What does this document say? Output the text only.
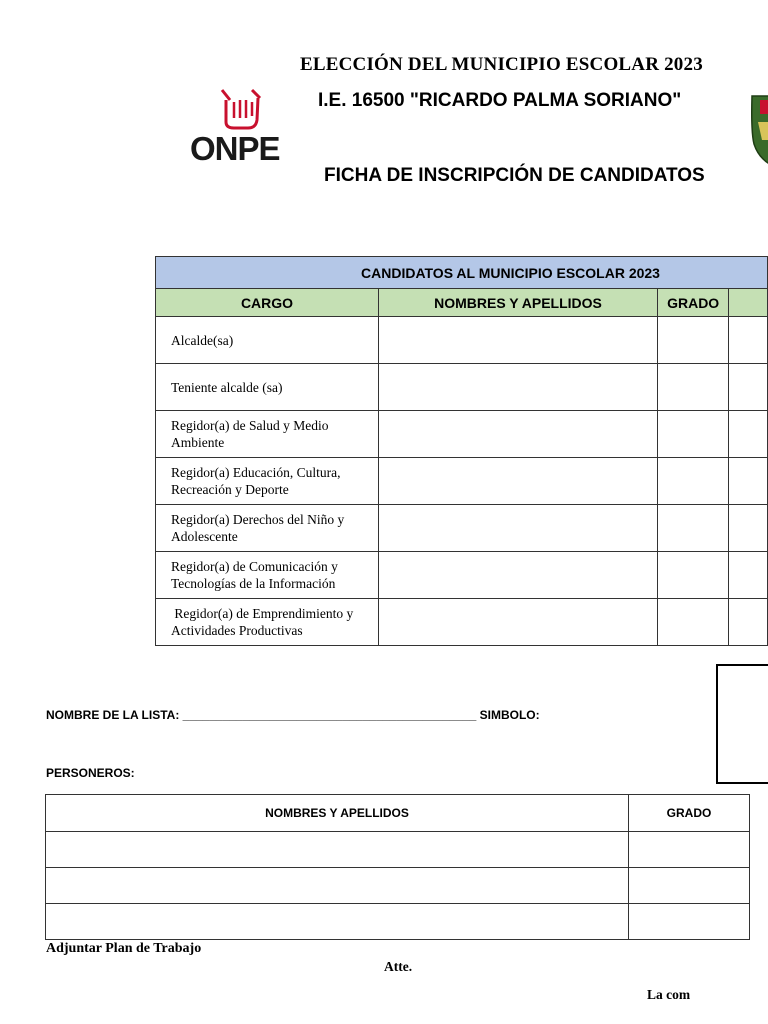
ELECCIÓN DEL MUNICIPIO ESCOLAR 2023
I.E. 16500 "RICARDO PALMA SORIANO"
ONPE
FICHA DE INSCRIPCIÓN DE CANDIDATOS
CANDIDATOS AL MUNICIPIO ESCOLAR 2023			
CARGO	NOMBRES Y APELLIDOS	GRADO	
Alcalde(sa)			
Teniente alcalde (sa)			
Regidor(a) de Salud y Medio Ambiente			
Regidor(a) Educación, Cultura, Recreación y Deporte			
Regidor(a) Derechos del Niño y Adolescente			
Regidor(a) de Comunicación y Tecnologías de la Información			
Regidor(a) de Emprendimiento y Actividades Productivas			
NOMBRE DE LA LISTA: ____________________________________________ SIMBOLO:
PERSONEROS:
NOMBRES Y APELLIDOS	GRADO

Adjuntar Plan de Trabajo
Atte.
La com
